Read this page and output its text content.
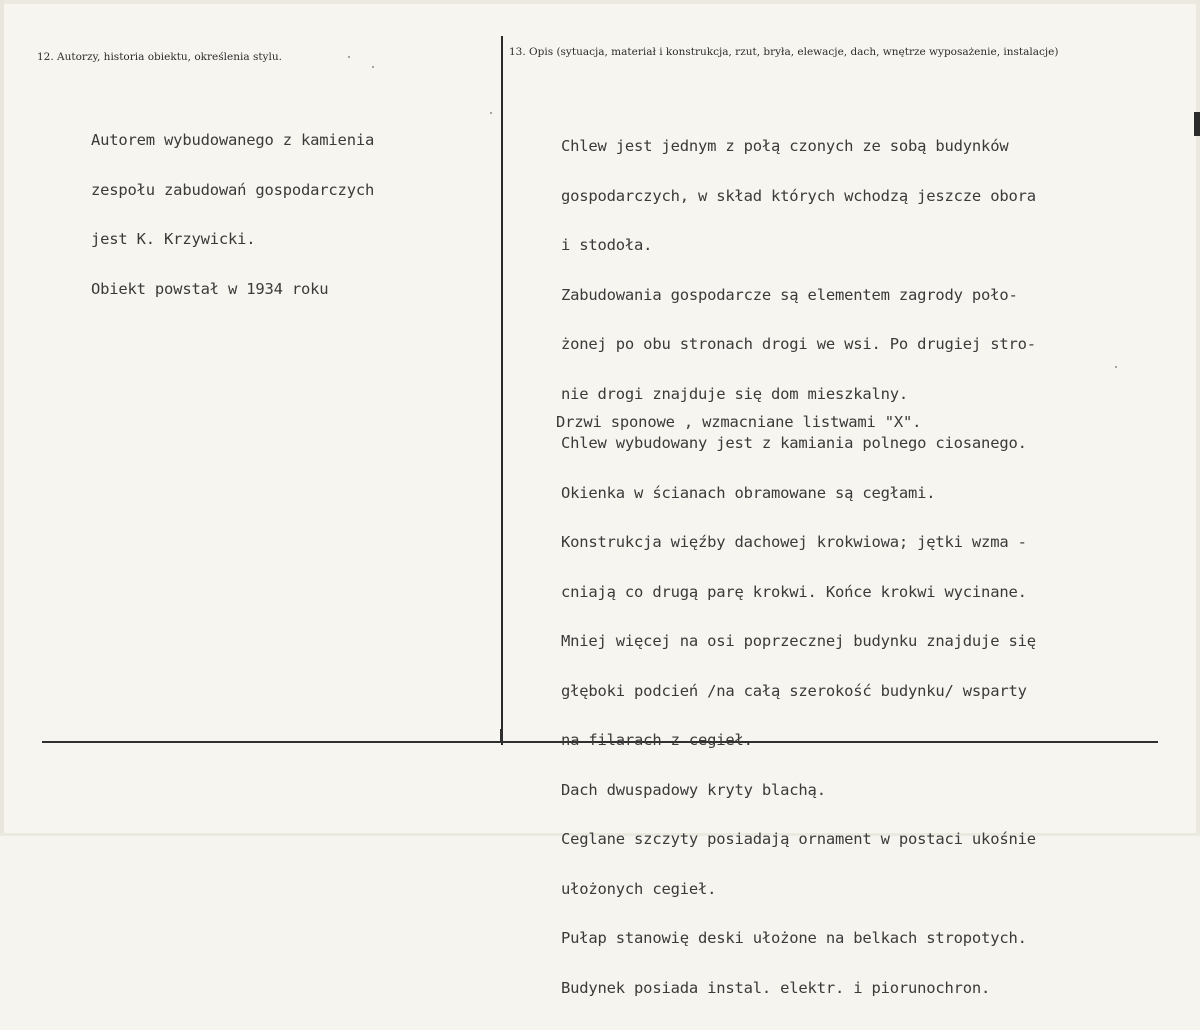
12. Autorzy, historia obiektu, określenia stylu.	13. Opis (sytuacja, materiał i konstrukcja, rzut, bryła, elewacje, dach, wnętrze wyposażenie, instalacje)

Autorem wybudowanego z kamienia

zespołu zabudowań gospodarczych

jest K. Krzywicki.

Obiekt powstał w 1934 roku

Chlew jest jednym z połą czonych ze sobą budynków

gospodarczych, w skład których wchodzą jeszcze obora

i stodoła.

Zabudowania gospodarcze są elementem zagrody poło-

żonej po obu stronach drogi we wsi. Po drugiej stro-

nie drogi znajduje się dom mieszkalny.

Chlew wybudowany jest z kamiania polnego ciosanego.

Okienka w ścianach obramowane są cegłami.

Konstrukcja więźby dachowej krokwiowa; jętki wzma -

cniają co drugą parę krokwi. Końce krokwi wycinane.

Mniej więcej na osi poprzecznej budynku znajduje się

głęboki podcień /na całą szerokość budynku/ wsparty

na filarach z cegieł.

Dach dwuspadowy kryty blachą.

Ceglane szczyty posiadają ornament w postaci ukośnie

ułożonych cegieł.

Pułap stanowię deski ułożone na belkach stropotych.

Budynek posiada instal. elektr. i piorunochron.

Drzwi sponowe , wzmacniane listwami "X".
